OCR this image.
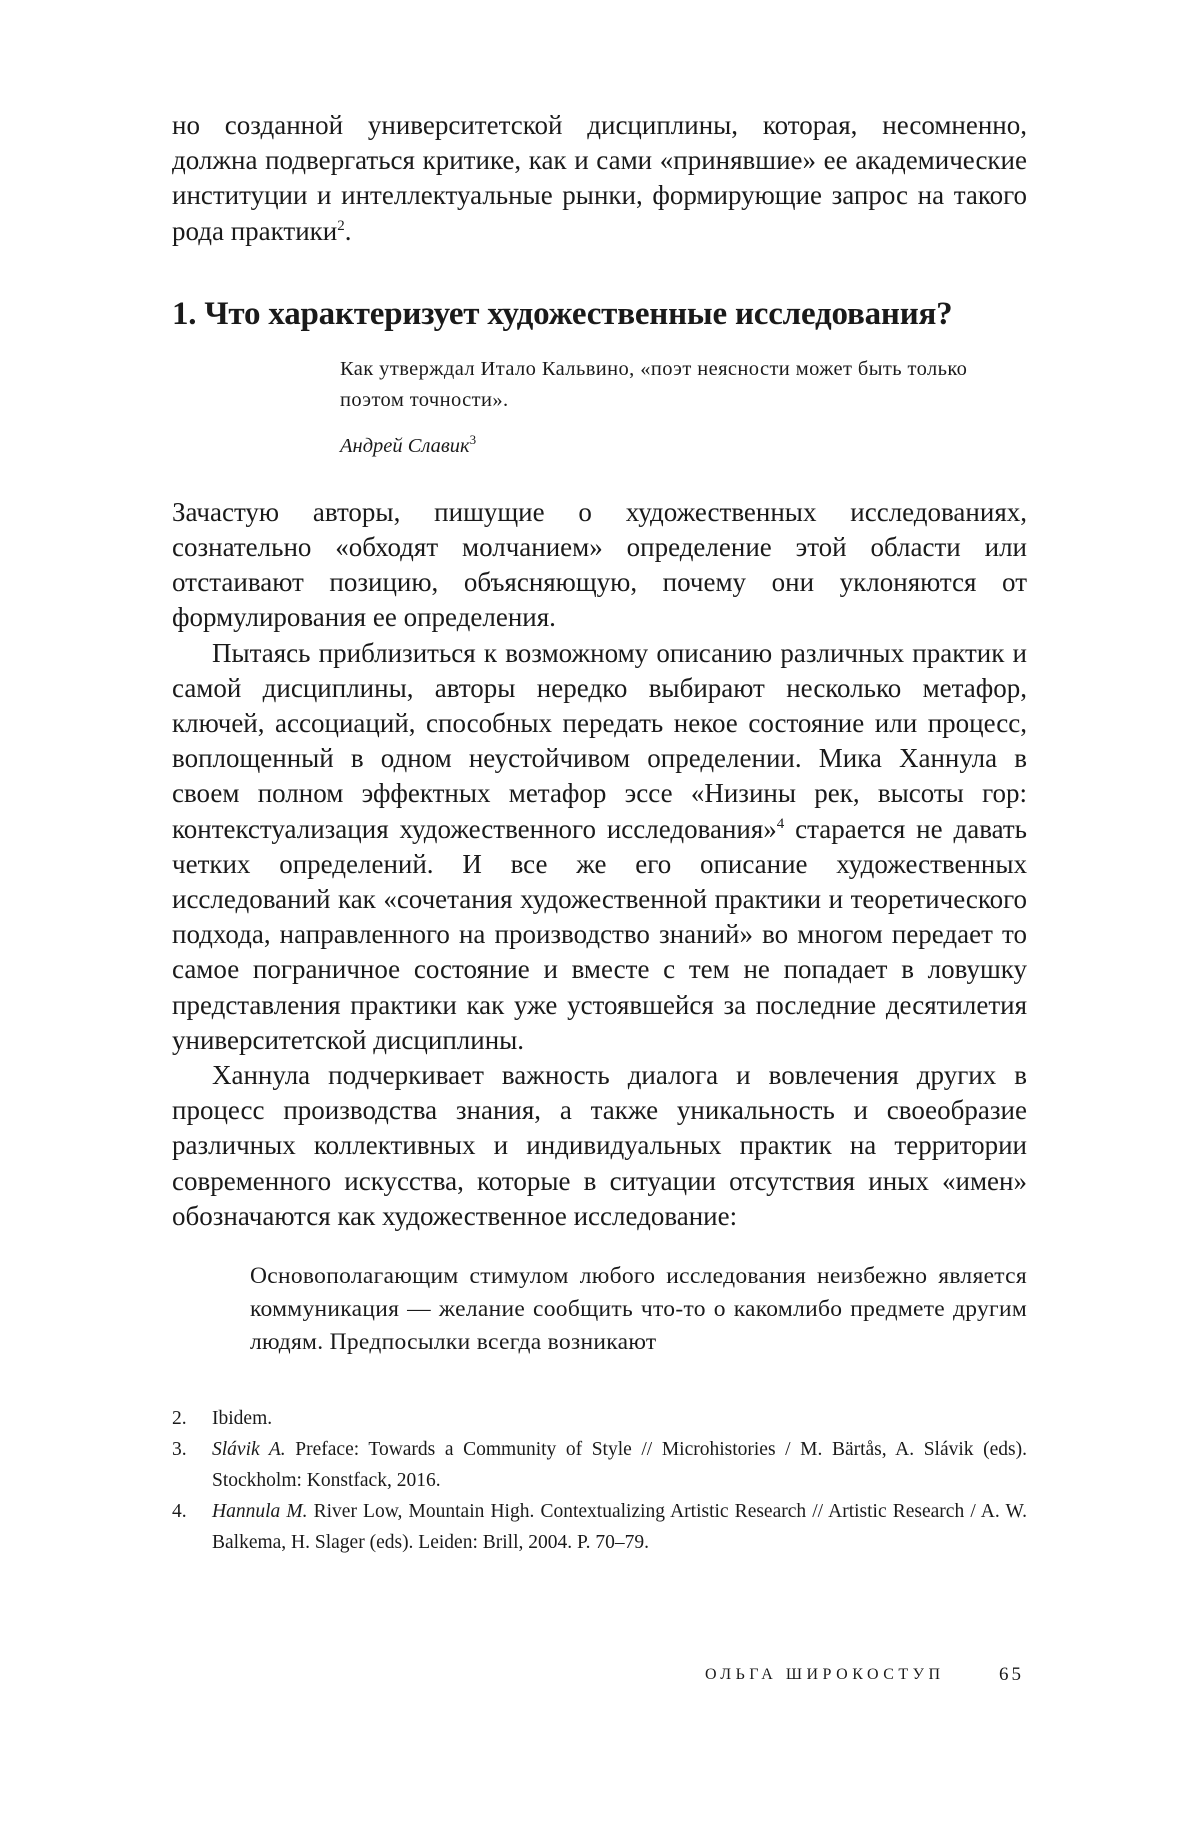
но созданной университетской дисциплины, которая, несомненно, должна подвергаться критике, как и сами «принявшие» ее академические институции и интеллектуальные рынки, формирующие запрос на такого рода практики$^2$.

1. Что характеризует художественные исследования?

Как утверждал Итало Кальвино, «поэт неясности может быть только поэтом точности».

Андрей Славик$^3$

Зачастую авторы, пишущие о художественных исследованиях, сознательно «обходят молчанием» определение этой области или отстаивают позицию, объясняющую, почему они уклоняются от формулирования ее определения.

Пытаясь приблизиться к возможному описанию различных практик и самой дисциплины, авторы нередко выбирают несколько метафор, ключей, ассоциаций, способных передать некое состояние или процесс, воплощенный в одном неустойчивом определении. Мика Ханнула в своем полном эффектных метафор эссе «Низины рек, высоты гор: контекстуализация художественного исследования»$^4$ старается не давать четких определений. И все же его описание художественных исследований как «сочетания художественной практики и теоретического подхода, направленного на производство знаний» во многом передает то самое пограничное состояние и вместе с тем не попадает в ловушку представления практики как уже устоявшейся за последние десятилетия университетской дисциплины.

Ханнула подчеркивает важность диалога и вовлечения других в процесс производства знания, а также уникальность и своеобразие различных коллективных и индивидуальных практик на территории современного искусства, которые в ситуации отсутствия иных «имен» обозначаются как художественное исследование:

Основополагающим стимулом любого исследования неизбежно является коммуникация — желание сообщить что-то о какомлибо предмете другим людям. Предпосылки всегда возникают

2. Ibidem.
3. Slávik A. Preface: Towards a Community of Style // Microhistories / M. Bärtås, A. Slávik (eds). Stockholm: Konstfack, 2016.
4. Hannula M. River Low, Mountain High. Contextualizing Artistic Research // Artistic Research / A. W. Balkema, H. Slager (eds). Leiden: Brill, 2004. P. 70–79.
ОЛЬГА ШИРОКОСТУП	65
